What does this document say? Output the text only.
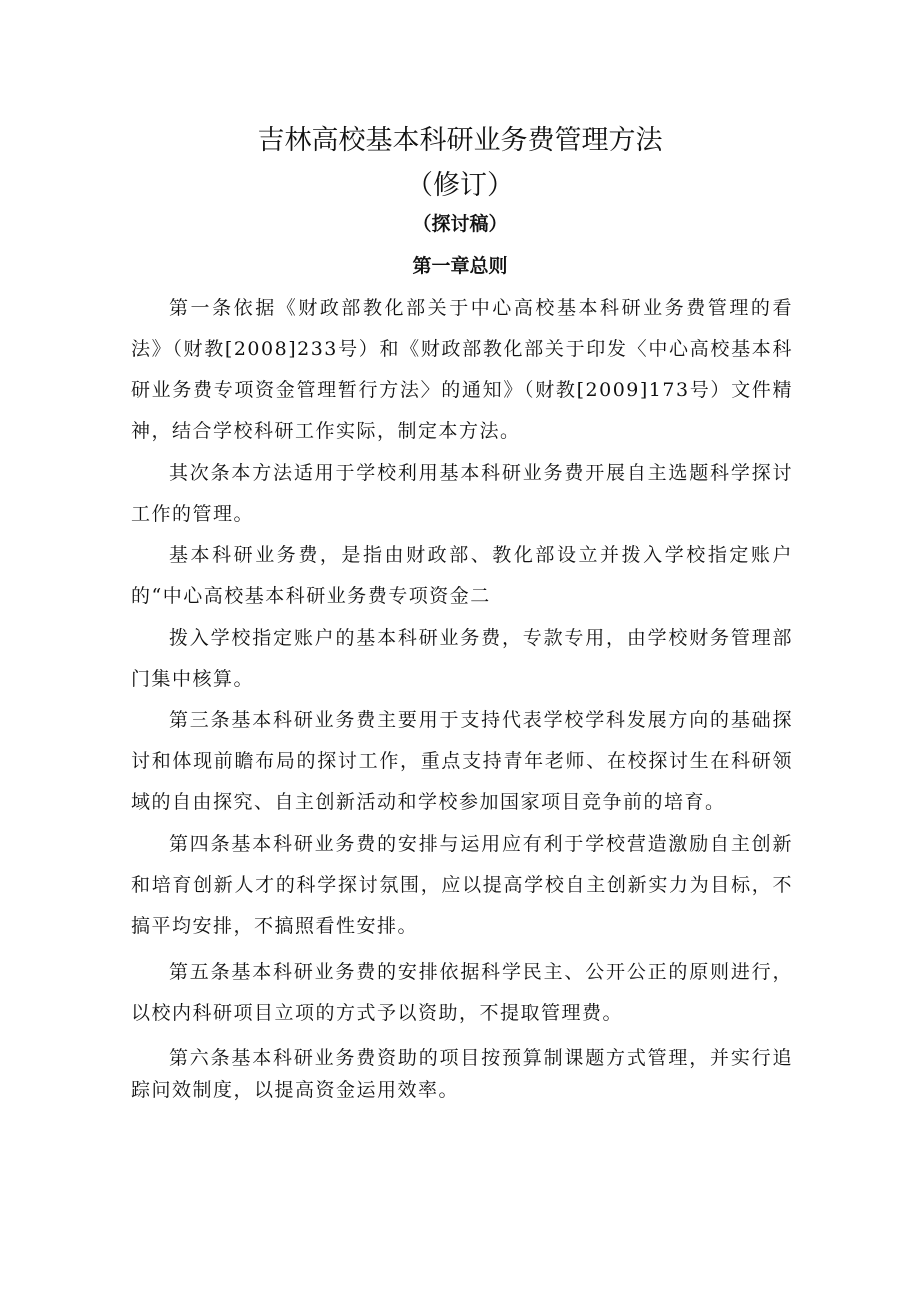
吉林高校基本科研业务费管理方法
（修订）
（探讨稿）
第一章总则

第一条依据《财政部教化部关于中心高校基本科研业务费管理的看法》（财教[2008]233号）和《财政部教化部关于印发〈中心高校基本科研业务费专项资金管理暂行方法〉的通知》（财教[2009]173号）文件精神，结合学校科研工作实际，制定本方法。

其次条本方法适用于学校利用基本科研业务费开展自主选题科学探讨工作的管理。

基本科研业务费，是指由财政部、教化部设立并拨入学校指定账户的“中心高校基本科研业务费专项资金二

拨入学校指定账户的基本科研业务费，专款专用，由学校财务管理部门集中核算。

第三条基本科研业务费主要用于支持代表学校学科发展方向的基础探讨和体现前瞻布局的探讨工作，重点支持青年老师、在校探讨生在科研领域的自由探究、自主创新活动和学校参加国家项目竞争前的培育。

第四条基本科研业务费的安排与运用应有利于学校营造激励自主创新和培育创新人才的科学探讨氛围，应以提高学校自主创新实力为目标，不搞平均安排，不搞照看性安排。

第五条基本科研业务费的安排依据科学民主、公开公正的原则进行，以校内科研项目立项的方式予以资助，不提取管理费。

第六条基本科研业务费资助的项目按预算制课题方式管理，并实行追踪问效制度，以提高资金运用效率。
